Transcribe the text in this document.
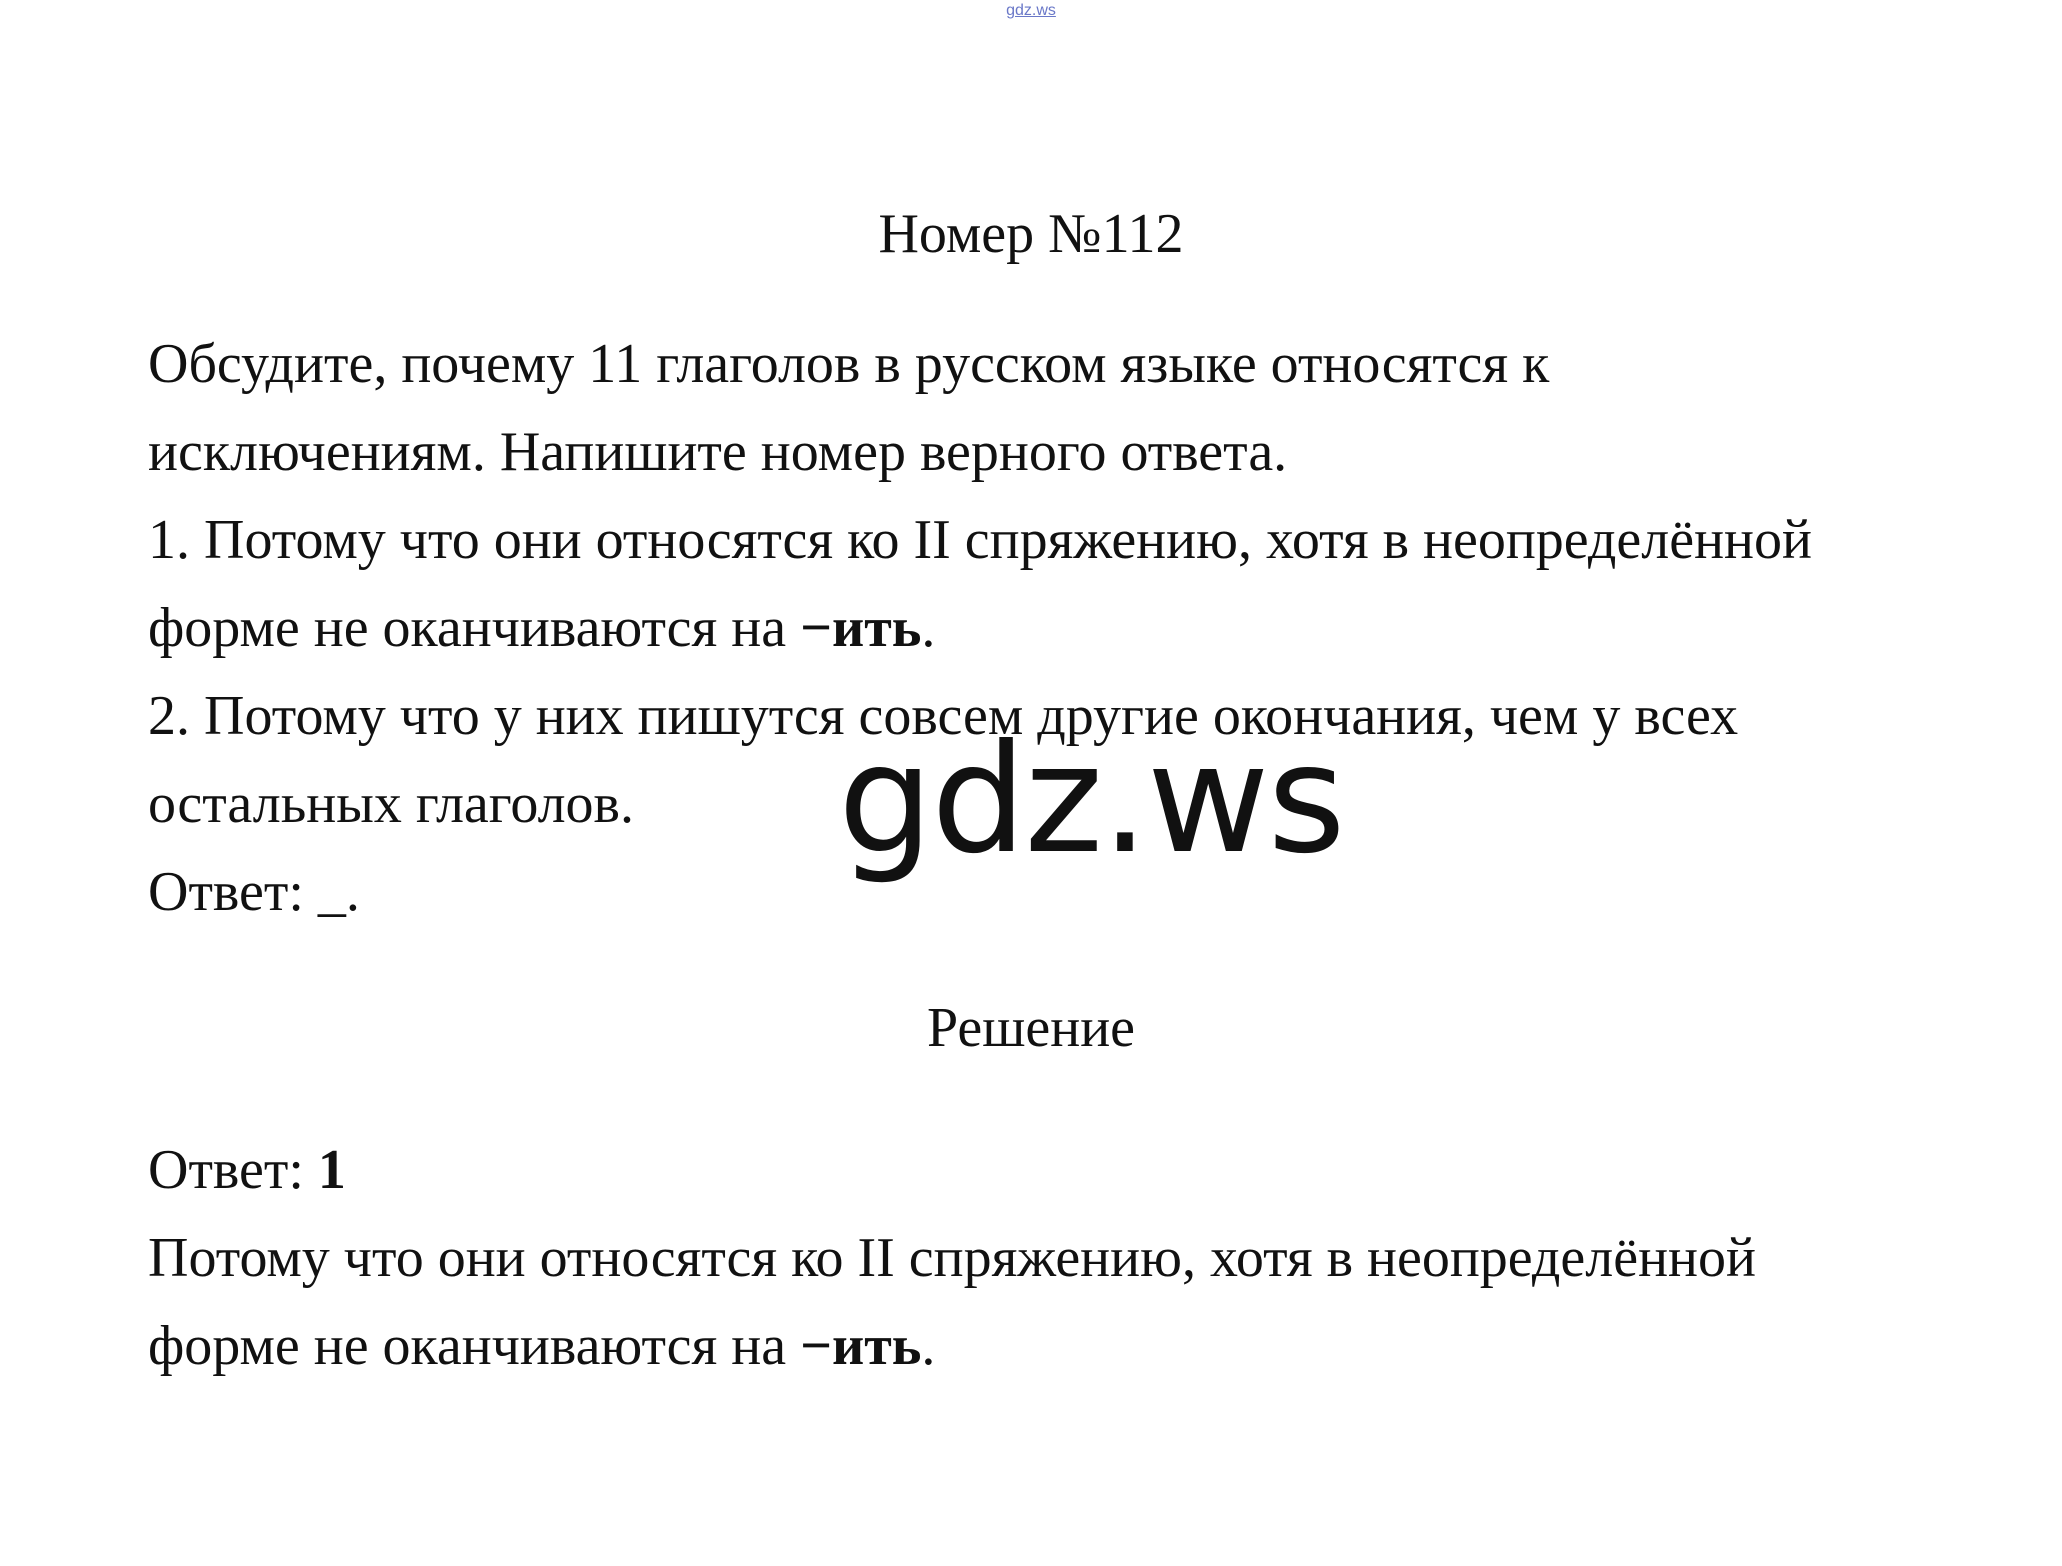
gdz.ws
Номер №112
Обсудите, почему 11 глаголов в русском языке относятся к
исключениям. Напишите номер верного ответа.
1. Потому что они относятся ко II спряжению, хотя в неопределённой
форме не оканчиваются на −ить.
2. Потому что у них пишутся совсем другие окончания, чем у всех
остальных глаголов.
Ответ: _.
gdz.ws
Решение
Ответ: 1
Потому что они относятся ко II спряжению, хотя в неопределённой
форме не оканчиваются на −ить.
